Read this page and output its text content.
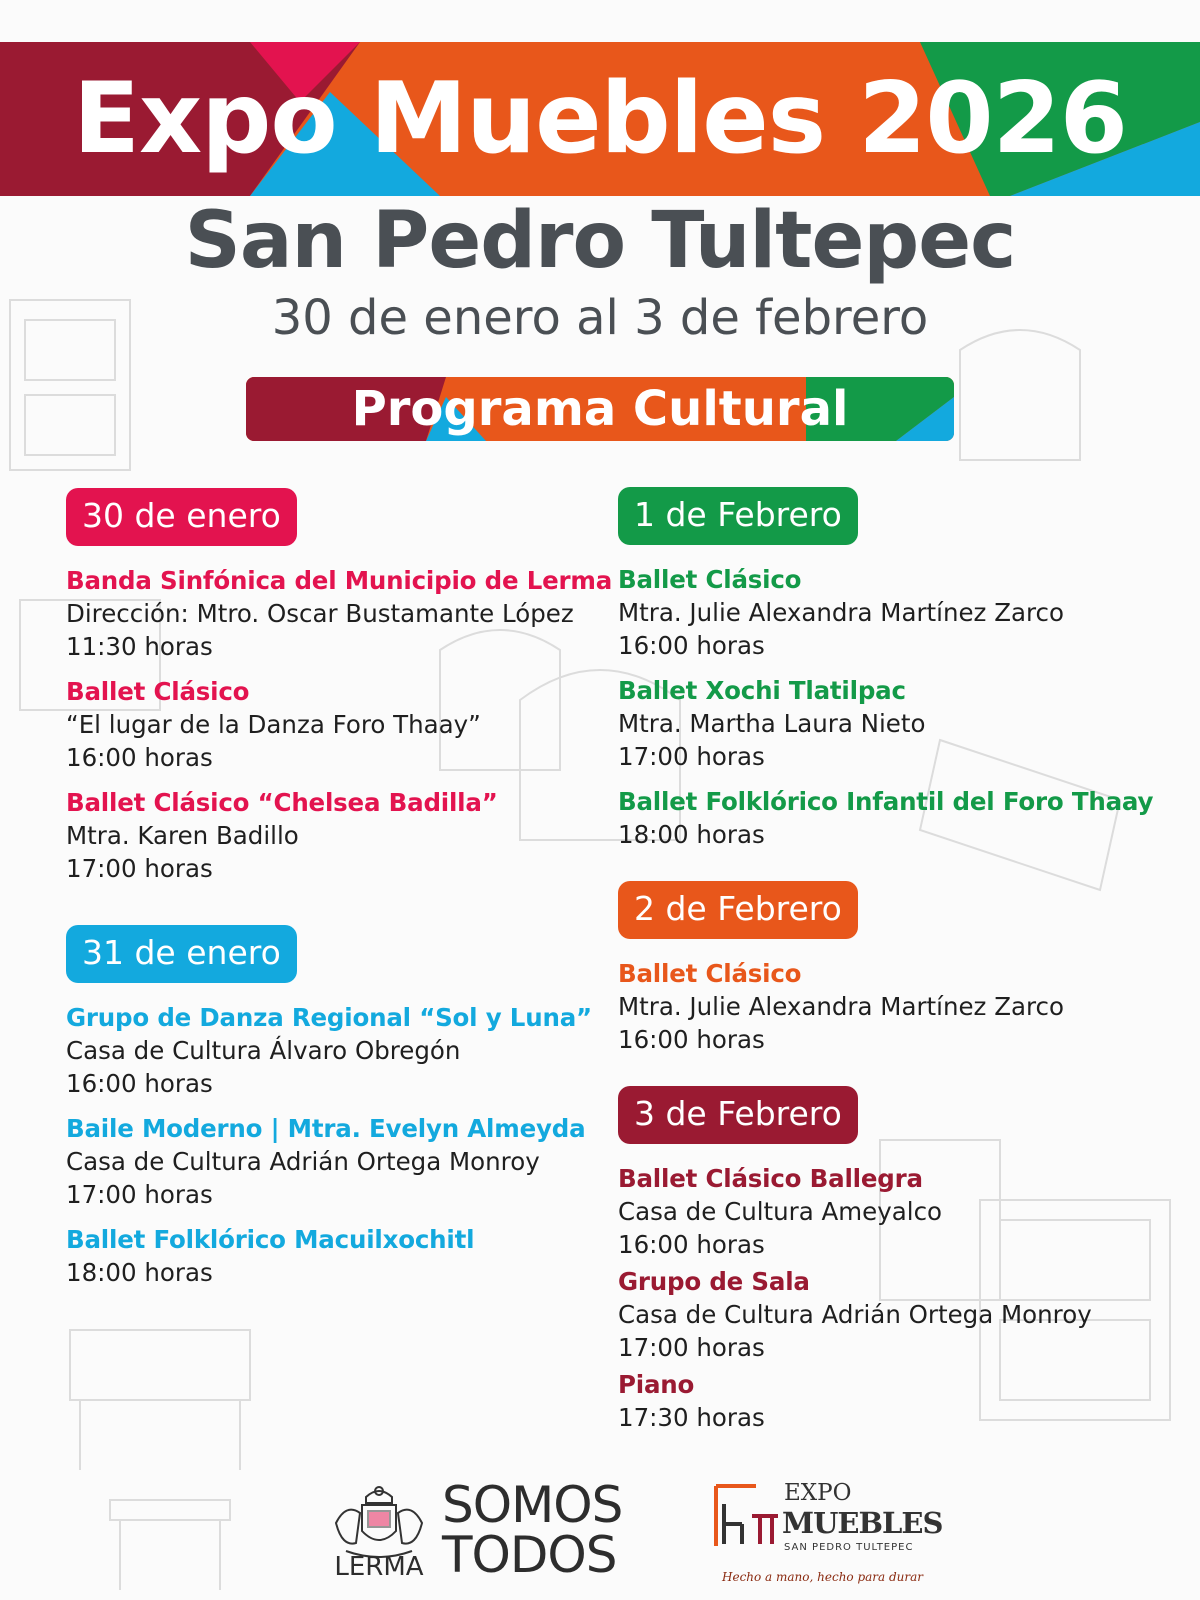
Expo Muebles 2026
San Pedro Tultepec
30 de enero al 3 de febrero
Programa Cultural
30 de enero
Banda Sinfónica del Municipio de Lerma
Dirección: Mtro. Oscar Bustamante López
11:30 horas
Ballet Clásico
“El lugar de la Danza Foro Thaay”
16:00 horas
Ballet Clásico “Chelsea Badilla”
Mtra. Karen Badillo
17:00 horas
31 de enero
Grupo de Danza Regional “Sol y Luna”
Casa de Cultura Álvaro Obregón
16:00 horas
Baile Moderno | Mtra. Evelyn Almeyda
Casa de Cultura Adrián Ortega Monroy
17:00 horas
Ballet Folklórico Macuilxochitl
18:00 horas
1 de Febrero
Ballet Clásico
Mtra. Julie Alexandra Martínez Zarco
16:00 horas
Ballet Xochi Tlatilpac
Mtra. Martha Laura Nieto
17:00 horas
Ballet Folklórico Infantil del Foro Thaay
18:00 horas
2 de Febrero
Ballet Clásico
Mtra. Julie Alexandra Martínez Zarco
16:00 horas
3 de Febrero
Ballet Clásico Ballegra
Casa de Cultura Ameyalco
16:00 horas
Grupo de Sala
Casa de Cultura Adrián Ortega Monroy
17:00 horas
Piano
17:30 horas
LERMA
SOMOS
TODOS
EXPO
MUEBLES
SAN PEDRO TULTEPEC
Hecho a mano, hecho para durar
